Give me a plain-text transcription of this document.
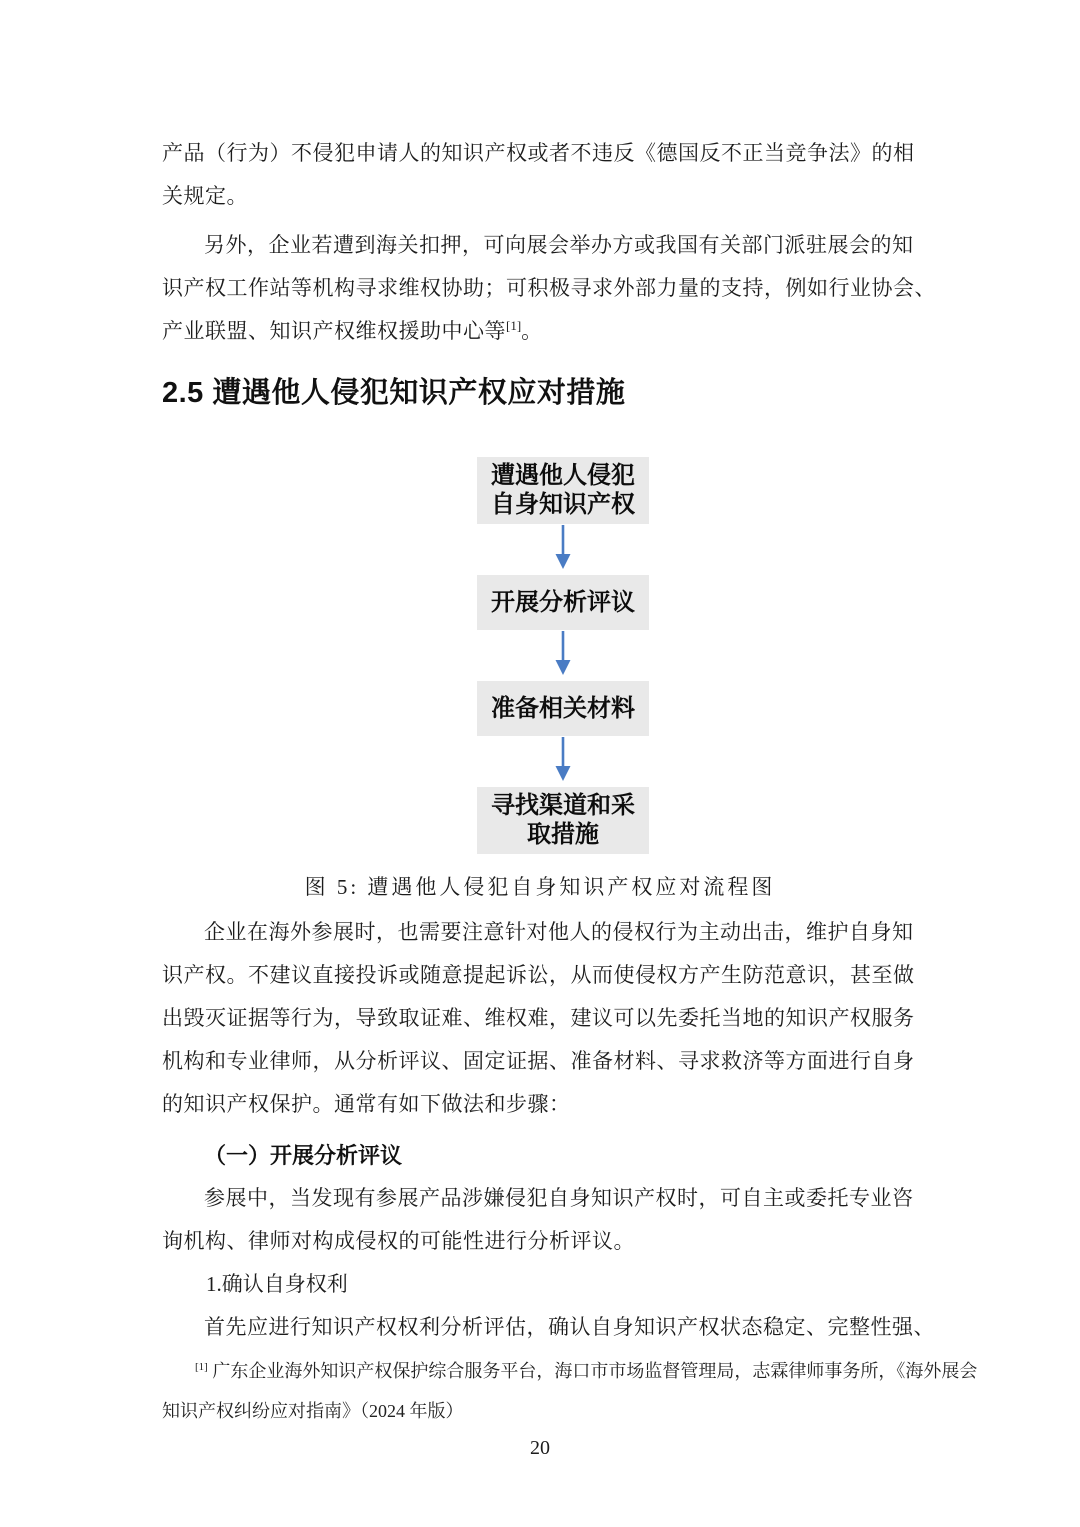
产品（行为）不侵犯申请人的知识产权或者不违反《德国反不正当竞争法》的相
关规定。
另外，企业若遭到海关扣押，可向展会举办方或我国有关部门派驻展会的知
识产权工作站等机构寻求维权协助；可积极寻求外部力量的支持，例如行业协会、
产业联盟、知识产权维权援助中心等[1]。
2.5 遭遇他人侵犯知识产权应对措施
遭遇他人侵犯
自身知识产权
开展分析评议
准备相关材料
寻找渠道和采
取措施
图 5: 遭遇他人侵犯自身知识产权应对流程图
企业在海外参展时，也需要注意针对他人的侵权行为主动出击，维护自身知
识产权。不建议直接投诉或随意提起诉讼，从而使侵权方产生防范意识，甚至做
出毁灭证据等行为，导致取证难、维权难，建议可以先委托当地的知识产权服务
机构和专业律师，从分析评议、固定证据、准备材料、寻求救济等方面进行自身
的知识产权保护。通常有如下做法和步骤：
（一）开展分析评议
参展中，当发现有参展产品涉嫌侵犯自身知识产权时，可自主或委托专业咨
询机构、律师对构成侵权的可能性进行分析评议。
1.确认自身权利
首先应进行知识产权权利分析评估，确认自身知识产权状态稳定、完整性强、
[1] 广东企业海外知识产权保护综合服务平台，海口市市场监督管理局，志霖律师事务所，《海外展会
知识产权纠纷应对指南》（2024 年版）
20
